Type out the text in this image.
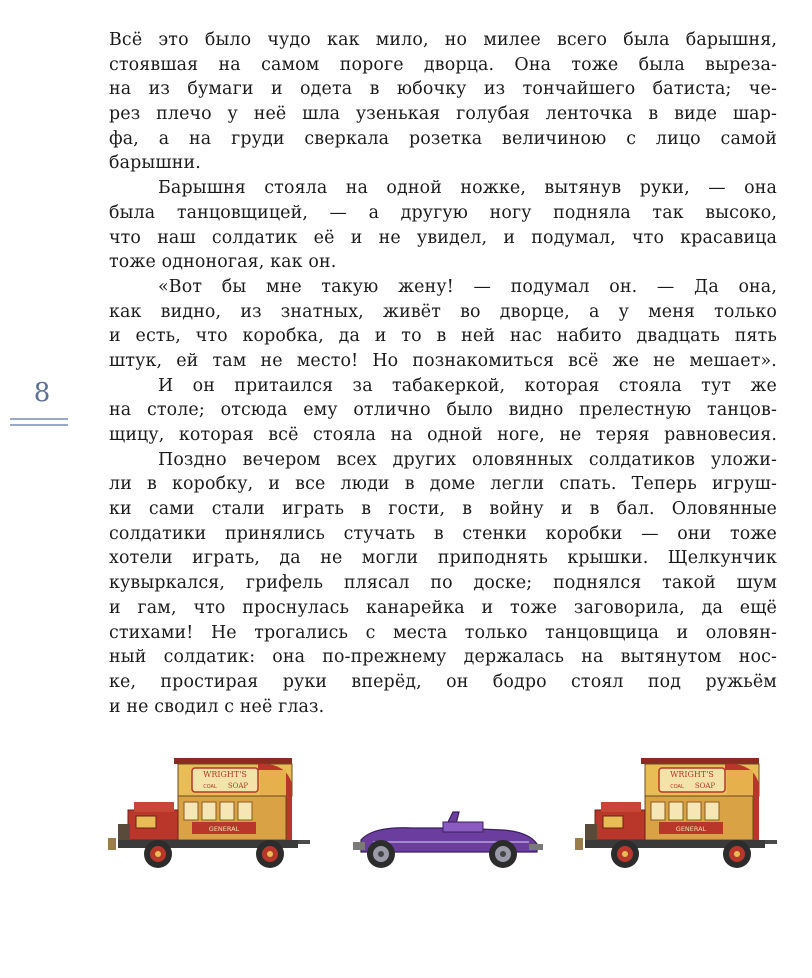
8
Всё это было чудо как мило, но милее всего была барышня,
стоявшая на самом пороге дворца. Она тоже была выреза-
на из бумаги и одета в юбочку из тончайшего батиста; че-
рез плечо у неё шла узенькая голубая ленточка в виде шар-
фа, а на груди сверкала розетка величиною с лицо самой
барышни.
Барышня стояла на одной ножке, вытянув руки, — она
была танцовщицей, — а другую ногу подняла так высоко,
что наш солдатик её и не увидел, и подумал, что красавица
тоже одноногая, как он.
«Вот бы мне такую жену! — подумал он. — Да она,
как видно, из знатных, живёт во дворце, а у меня только
и есть, что коробка, да и то в ней нас набито двадцать пять
штук, ей там не место! Но познакомиться всё же не мешает».
И он притаился за табакеркой, которая стояла тут же
на столе; отсюда ему отлично было видно прелестную танцов-
щицу, которая всё стояла на одной ноге, не теряя равновесия.
Поздно вечером всех других оловянных солдатиков уложи-
ли в коробку, и все люди в доме легли спать. Теперь игруш-
ки сами стали играть в гости, в войну и в бал. Оловянные
солдатики принялись стучать в стенки коробки — они тоже
хотели играть, да не могли приподнять крышки. Щелкунчик
кувыркался, грифель плясал по доске; поднялся такой шум
и гам, что проснулась канарейка и тоже заговорила, да ещё
стихами! Не трогались с места только танцовщица и оловян-
ный солдатик: она по-прежнему держалась на вытянутом нос-
ке, простирая руки вперёд, он бодро стоял под ружьём
и не сводил с неё глаз.
WRIGHT'S
COAL SOAP
GENERAL
WRIGHT'S
COAL SOAP
GENERAL
